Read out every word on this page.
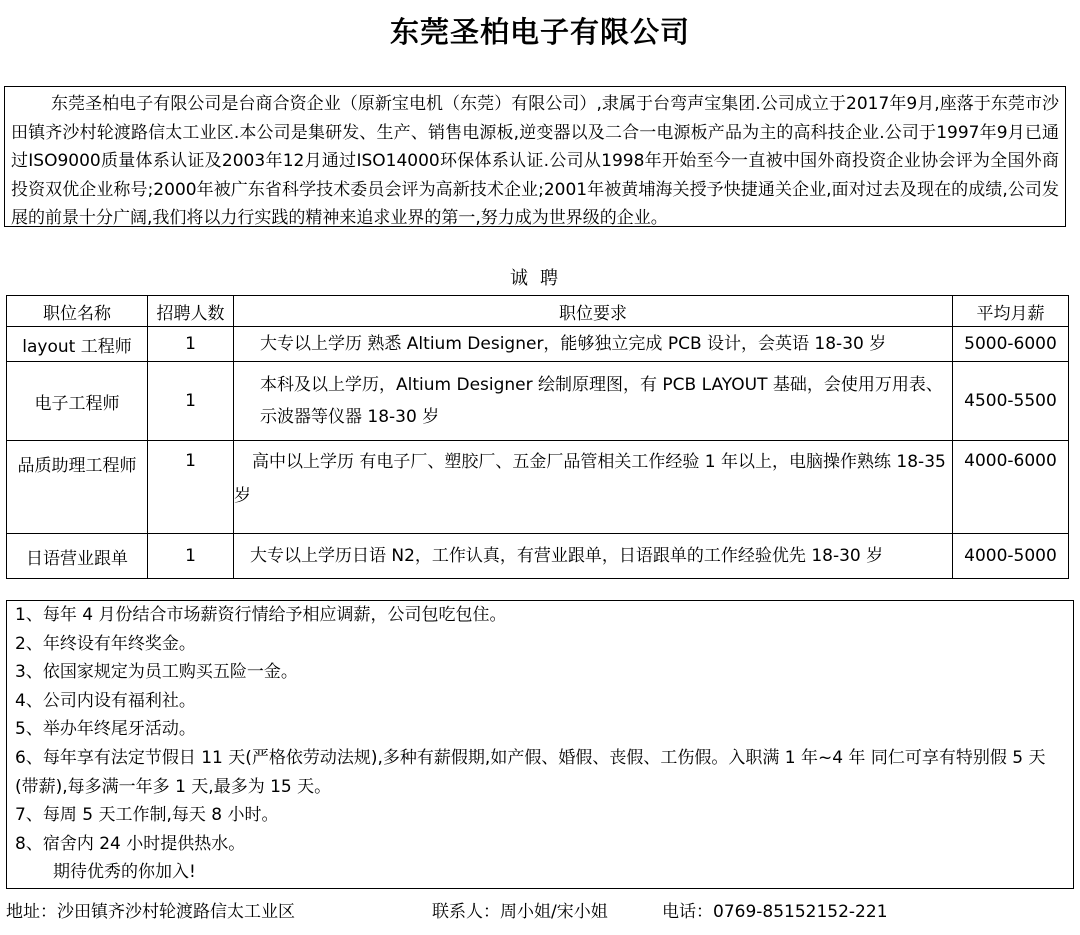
东莞圣柏电子有限公司
东莞圣柏电子有限公司是台商合资企业（原新宝电机（东莞）有限公司）,隶属于台弯声宝集团.公司成立于2017年9月,座落于东莞市沙田镇齐沙村轮渡路信太工业区.本公司是集研发、生产、销售电源板,逆变器以及二合一电源板产品为主的高科技企业.公司于1997年9月已通过ISO9000质量体系认证及2003年12月通过ISO14000环保体系认证.公司从1998年开始至今一直被中国外商投资企业协会评为全国外商投资双优企业称号;2000年被广东省科学技术委员会评为高新技术企业;2001年被黄埔海关授予快捷通关企业,面对过去及现在的成绩,公司发展的前景十分广阔,我们将以力行实践的精神来追求业界的第一,努力成为世界级的企业。
诚聘
职位名称	招聘人数	职位要求	平均月薪
layout 工程师	1	大专以上学历 熟悉 Altium Designer，能够独立完成 PCB 设计，会英语 18-30 岁	5000-6000
电子工程师	1	本科及以上学历，Altium Designer 绘制原理图，有 PCB LAYOUT 基础，会使用万用表、示波器等仪器 18-30 岁	4500-5500
品质助理工程师	1	高中以上学历 有电子厂、塑胶厂、五金厂品管相关工作经验 1 年以上，电脑操作熟练 18-35 岁	4000-6000
日语营业跟单	1	大专以上学历日语 N2，工作认真，有营业跟单，日语跟单的工作经验优先 18-30 岁	4000-5000
1、每年 4 月份结合市场薪资行情给予相应调薪，公司包吃包住。
2、年终设有年终奖金。
3、依国家规定为员工购买五险一金。
4、公司内设有福利社。
5、举办年终尾牙活动。
6、每年享有法定节假日 11 天(严格依劳动法规),多种有薪假期,如产假、婚假、丧假、工伤假。入职满 1 年~4 年 同仁可享有特别假 5 天(带薪),每多满一年多 1 天,最多为 15 天。
7、每周 5 天工作制,每天 8 小时。
8、宿舍内 24 小时提供热水。
期待优秀的你加入!
地址：沙田镇齐沙村轮渡路信太工业区	联系人：周小姐/宋小姐	电话：0769-85152152-221
